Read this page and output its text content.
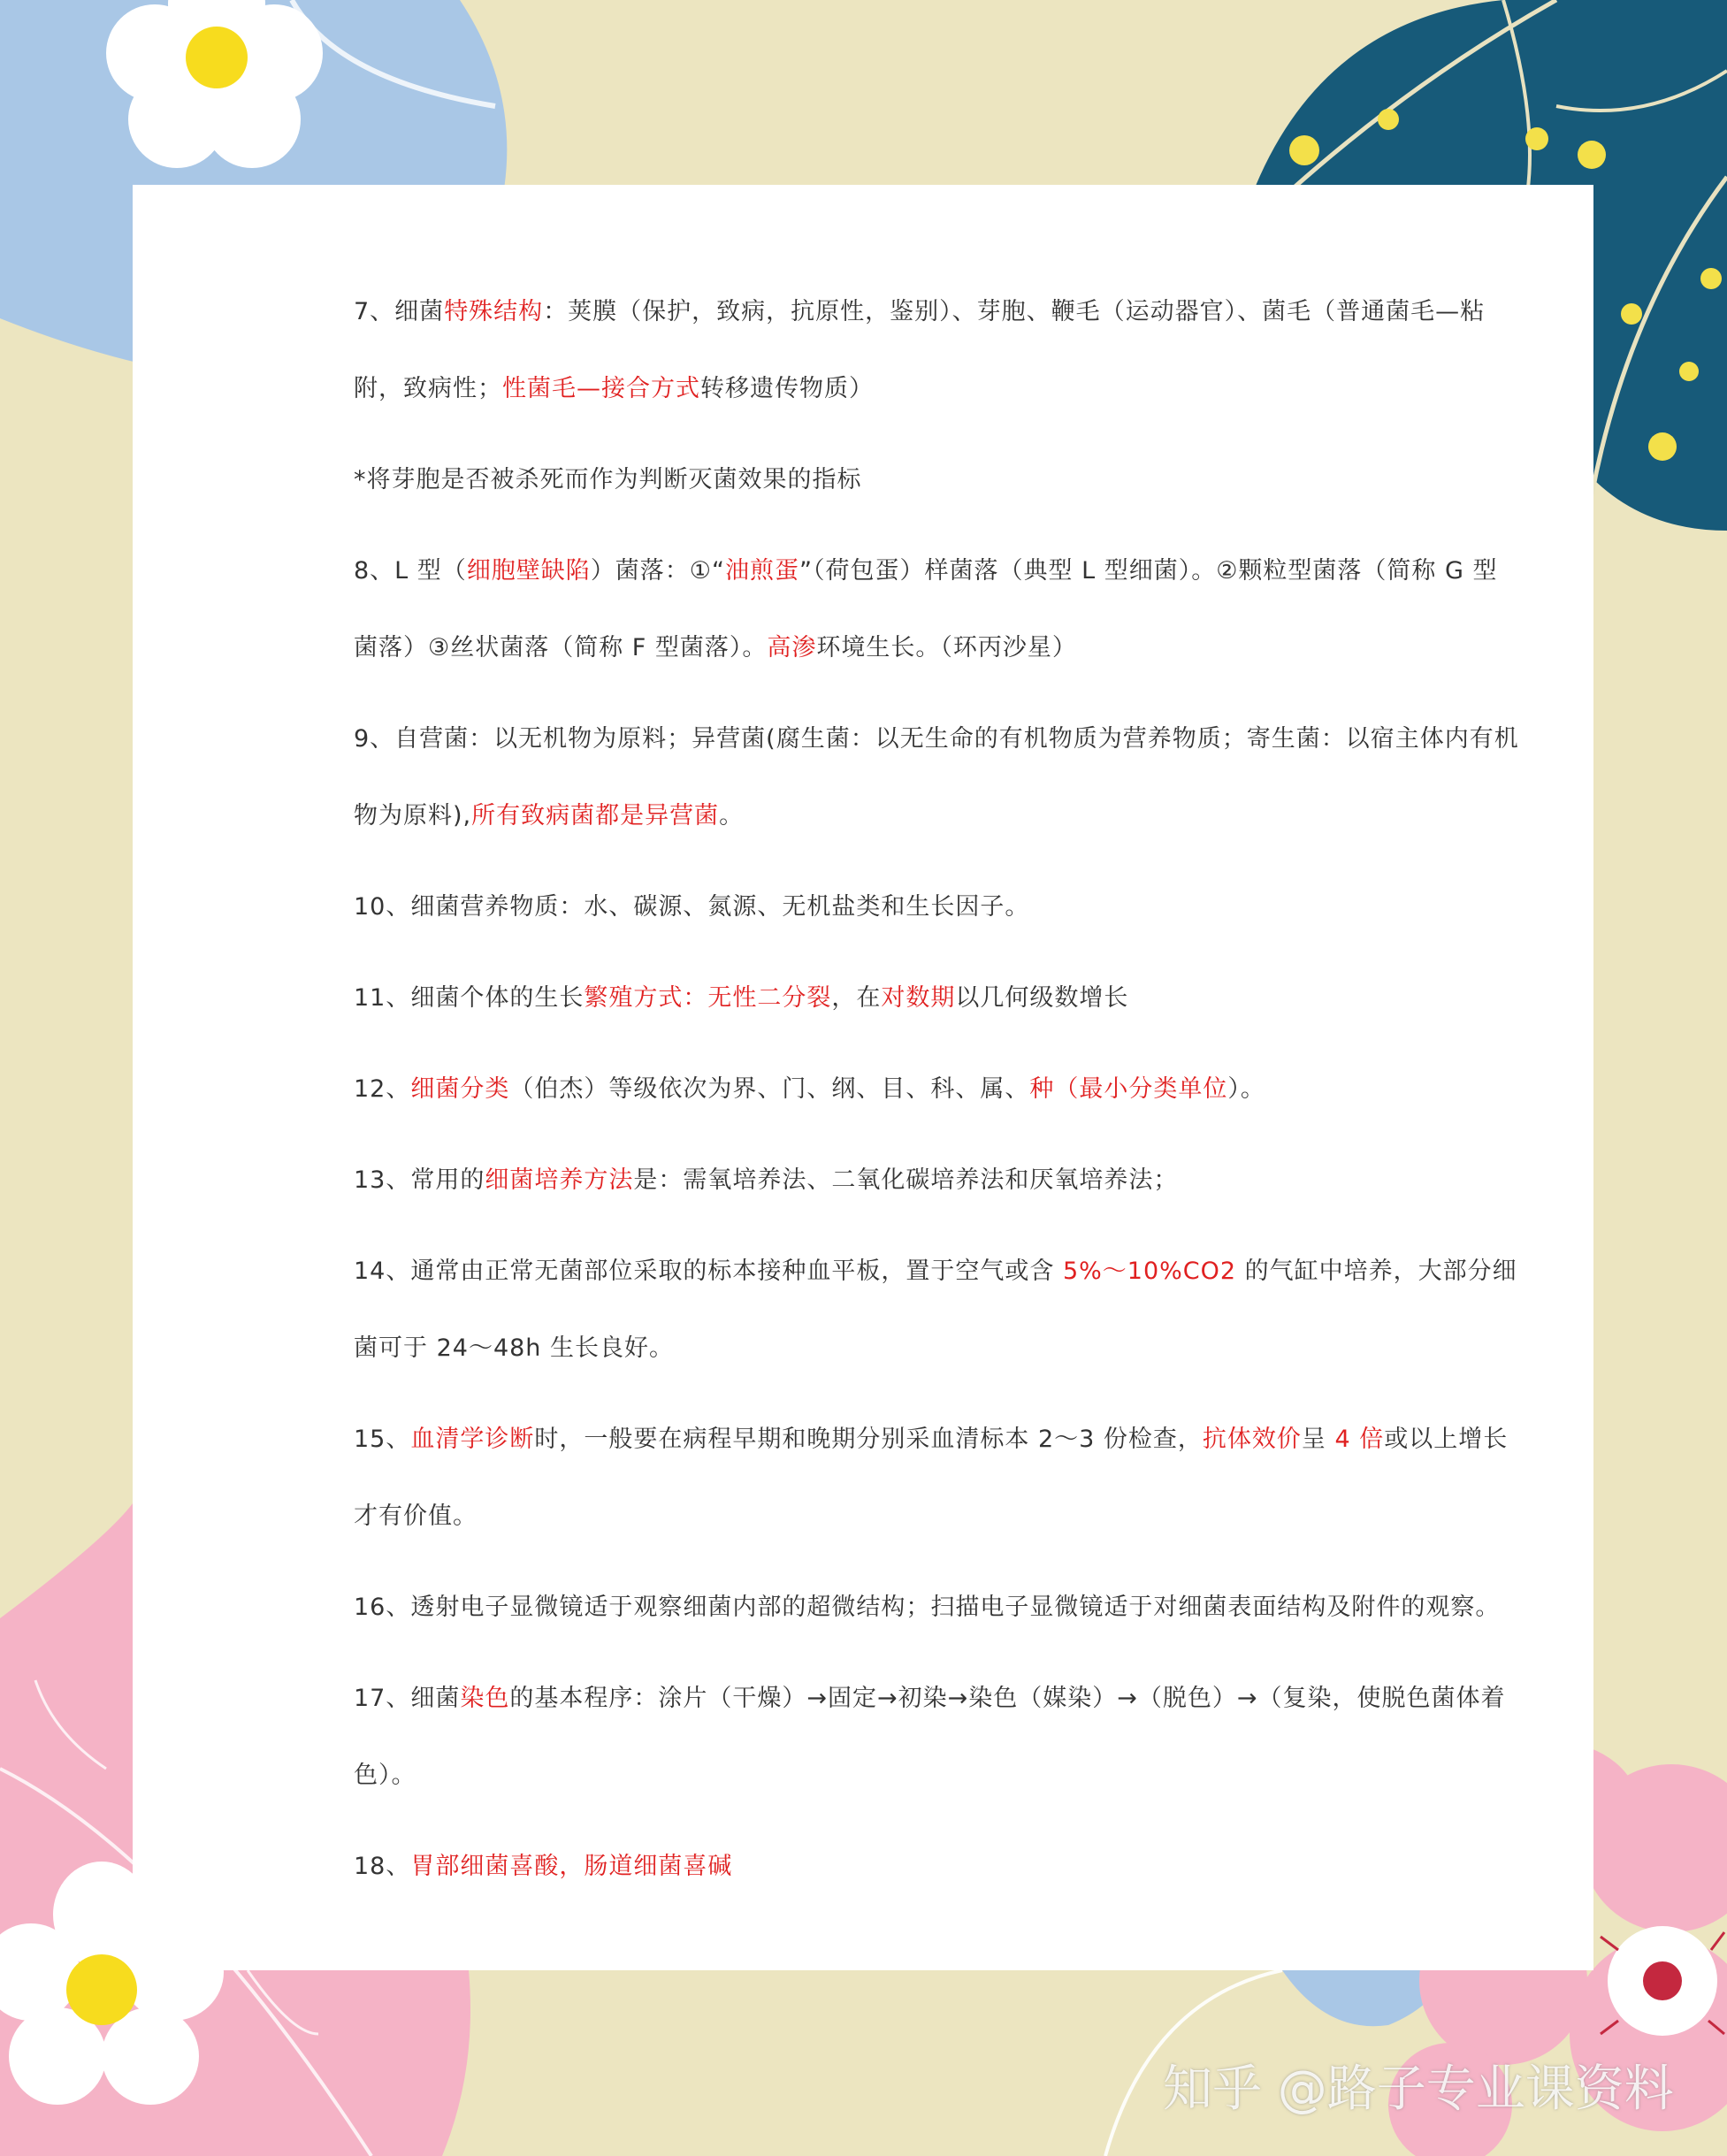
7、细菌特殊结构：荚膜（保护，致病，抗原性，鉴别）、芽胞、鞭毛（运动器官）、菌毛（普通菌毛—粘附，致病性；性菌毛—接合方式转移遗传物质）

*将芽胞是否被杀死而作为判断灭菌效果的指标

8、L 型（细胞壁缺陷）菌落：①“油煎蛋”（荷包蛋）样菌落（典型 L 型细菌）。②颗粒型菌落（简称 G 型菌落）③丝状菌落（简称 F 型菌落）。高渗环境生长。（环丙沙星）

9、自营菌：以无机物为原料；异营菌(腐生菌：以无生命的有机物质为营养物质；寄生菌：以宿主体内有机物为原料),所有致病菌都是异营菌。

10、细菌营养物质：水、碳源、氮源、无机盐类和生长因子。

11、细菌个体的生长繁殖方式：无性二分裂，在对数期以几何级数增长

12、细菌分类（伯杰）等级依次为界、门、纲、目、科、属、种（最小分类单位）。

13、常用的细菌培养方法是：需氧培养法、二氧化碳培养法和厌氧培养法；

14、通常由正常无菌部位采取的标本接种血平板，置于空气或含 5%～10%CO2 的气缸中培养，大部分细菌可于 24～48h 生长良好。

15、血清学诊断时，一般要在病程早期和晚期分别采血清标本 2～3 份检查，抗体效价呈 4 倍或以上增长才有价值。

16、透射电子显微镜适于观察细菌内部的超微结构；扫描电子显微镜适于对细菌表面结构及附件的观察。

17、细菌染色的基本程序：涂片（干燥）→固定→初染→染色（媒染）→（脱色）→（复染，使脱色菌体着色）。

18、胃部细菌喜酸，肠道细菌喜碱

知乎 @路子专业课资料
